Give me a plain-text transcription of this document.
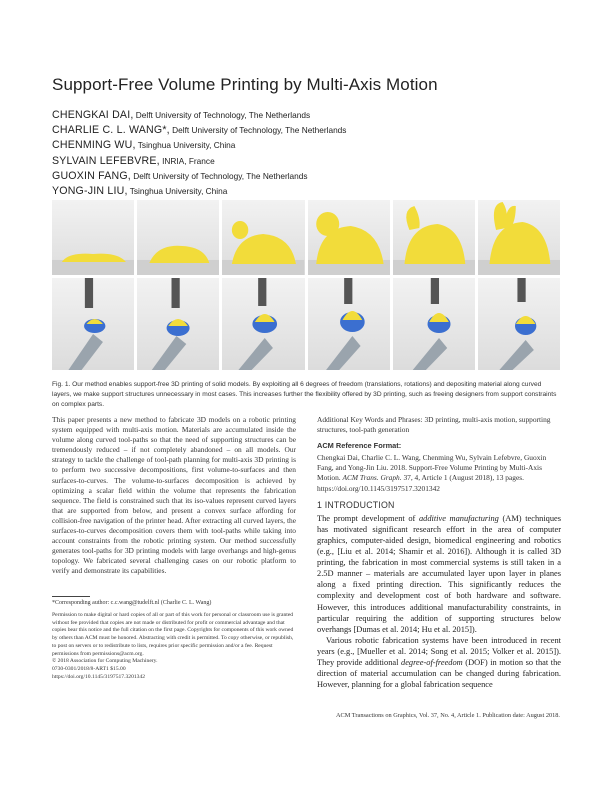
Support-Free Volume Printing by Multi-Axis Motion
CHENGKAI DAI, Delft University of Technology, The Netherlands
CHARLIE C. L. WANG*, Delft University of Technology, The Netherlands
CHENMING WU, Tsinghua University, China
SYLVAIN LEFEBVRE, INRIA, France
GUOXIN FANG, Delft University of Technology, The Netherlands
YONG-JIN LIU, Tsinghua University, China
Fig. 1. Our method enables support-free 3D printing of solid models. By exploiting all 6 degrees of freedom (translations, rotations) and depositing material along curved layers, we make support structures unnecessary in most cases. This increases further the flexibility offered by 3D printing, such as freeing designers from support constraints on complex parts.
This paper presents a new method to fabricate 3D models on a robotic printing system equipped with multi-axis motion. Materials are accumulated inside the volume along curved tool-paths so that the need of supporting structures can be tremendously reduced – if not completely abandoned – on all models. Our strategy to tackle the challenge of tool-path planning for multi-axis 3D printing is to perform two successive decompositions, first volume-to-surfaces and then surfaces-to-curves. The volume-to-surfaces decomposition is achieved by optimizing a scalar field within the volume that represents the fabrication sequence. The field is constrained such that its iso-values represent curved layers that are supported from below, and present a convex surface affording for collision-free navigation of the printer head. After extracting all curved layers, the surfaces-to-curves decomposition covers them with tool-paths while taking into account constraints from the robotic printing system. Our method successfully generates tool-paths for 3D printing models with large overhangs and high-genus topology. We fabricated several challenging cases on our robotic platform to verify and demonstrate its capabilities.
*Corresponding author: c.c.wang@tudelft.nl (Charlie C. L. Wang)
Permission to make digital or hard copies of all or part of this work for personal or classroom use is granted without fee provided that copies are not made or distributed for profit or commercial advantage and that copies bear this notice and the full citation on the first page. Copyrights for components of this work owned by others than ACM must be honored. Abstracting with credit is permitted. To copy otherwise, or republish, to post on servers or to redistribute to lists, requires prior specific permission and/or a fee. Request permissions from permissions@acm.org.
© 2018 Association for Computing Machinery.
0730-0301/2018/8-ART1 $15.00
https://doi.org/10.1145/3197517.3201342
Additional Key Words and Phrases: 3D printing, multi-axis motion, supporting structures, tool-path generation
ACM Reference Format:
Chengkai Dai, Charlie C. L. Wang, Chenming Wu, Sylvain Lefebvre, Guoxin Fang, and Yong-Jin Liu. 2018. Support-Free Volume Printing by Multi-Axis Motion. ACM Trans. Graph. 37, 4, Article 1 (August 2018), 13 pages. https://doi.org/10.1145/3197517.3201342
1 INTRODUCTION

The prompt development of additive manufacturing (AM) techniques has motivated significant research effort in the area of computer graphics, computer-aided design, biomedical engineering and robotics (e.g., [Liu et al. 2014; Shamir et al. 2016]). Although it is called 3D printing, the fabrication in most commercial systems is still taken in a 2.5D manner – materials are accumulated layer upon layer in planes along a fixed printing direction. This significantly reduces the complexity and development cost of both hardware and software. However, this introduces additional manufacturability constraints, in particular requiring the addition of supporting structures below overhangs [Dumas et al. 2014; Hu et al. 2015]).

Various robotic fabrication systems have been introduced in recent years (e.g., [Mueller et al. 2014; Song et al. 2015; Volker et al. 2015]). They provide additional degree-of-freedom (DOF) in motion so that the direction of material accumulation can be changed during fabrication. However, planning for a global fabrication sequence

ACM Transactions on Graphics, Vol. 37, No. 4, Article 1. Publication date: August 2018.
